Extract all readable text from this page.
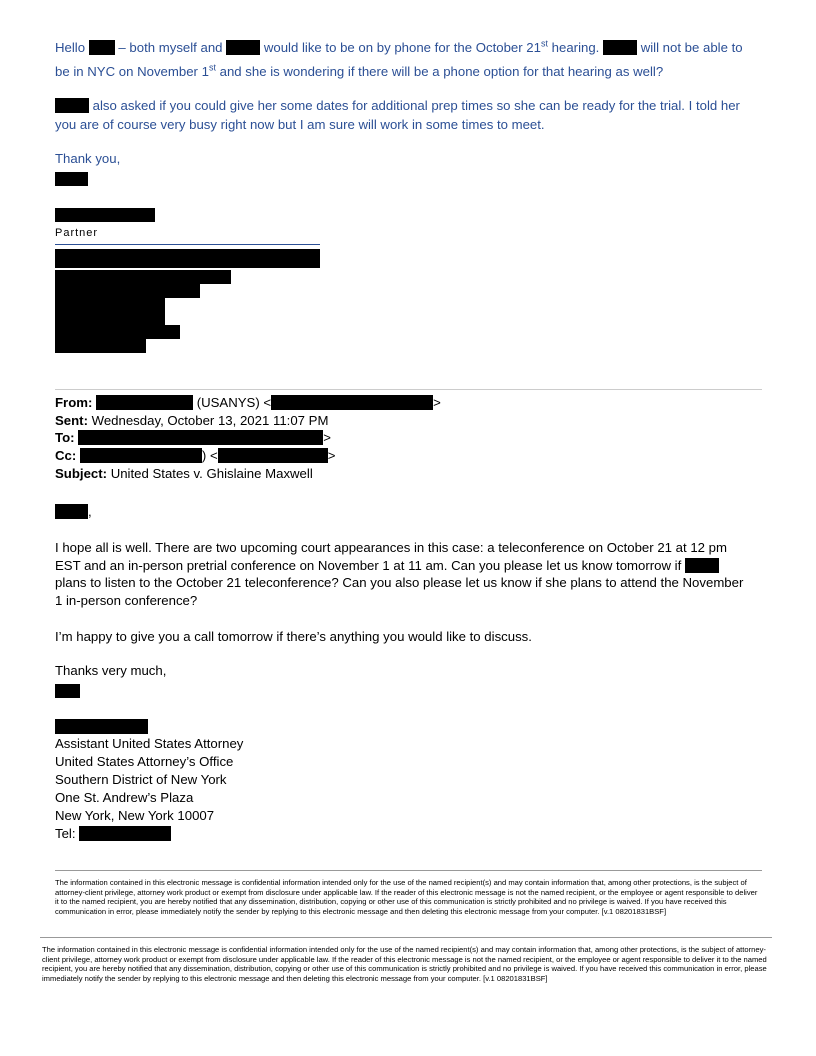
Hello	– both myself and	would like to be on by phone for the October 21st hearing.	will not be able to
be in NYC on November 1st and she is wondering if there will be a phone option for that hearing as well?
also asked if you could give her some dates for additional prep times so she can be ready for the trial. I told her
you are of course very busy right now but I am sure will work in some times to meet.
Thank you,
Partner
From:	(USANYS) <	>
Sent: Wednesday, October 13, 2021 11:07 PM
To:	>
Cc:	) <	>
Subject: United States v. Ghislaine Maxwell
,
I hope all is well. There are two upcoming court appearances in this case: a teleconference on October 21 at 12 pm
EST and an in-person pretrial conference on November 1 at 11 am. Can you please let us know tomorrow if
plans to listen to the October 21 teleconference? Can you also please let us know if she plans to attend the November
1 in-person conference?
I’m happy to give you a call tomorrow if there’s anything you would like to discuss.
Thanks very much,
Assistant United States Attorney
United States Attorney’s Office
Southern District of New York
One St. Andrew’s Plaza
New York, New York 10007
Tel:
The information contained in this electronic message is confidential information intended only for the use of the named recipient(s) and may contain information that, among other protections, is the subject of attorney-client privilege, attorney work product or exempt from disclosure under applicable law. If the reader of this electronic message is not the named recipient, or the employee or agent responsible to deliver it to the named recipient, you are hereby notified that any dissemination, distribution, copying or other use of this communication is strictly prohibited and no privilege is waived. If you have received this communication in error, please immediately notify the sender by replying to this electronic message and then deleting this electronic message from your computer. [v.1 08201831BSF]
The information contained in this electronic message is confidential information intended only for the use of the named recipient(s) and may contain information that, among other protections, is the subject of attorney-client privilege, attorney work product or exempt from disclosure under applicable law. If the reader of this electronic message is not the named recipient, or the employee or agent responsible to deliver it to the named recipient, you are hereby notified that any dissemination, distribution, copying or other use of this communication is strictly prohibited and no privilege is waived. If you have received this communication in error, please immediately notify the sender by replying to this electronic message and then deleting this electronic message from your computer. [v.1 08201831BSF]
